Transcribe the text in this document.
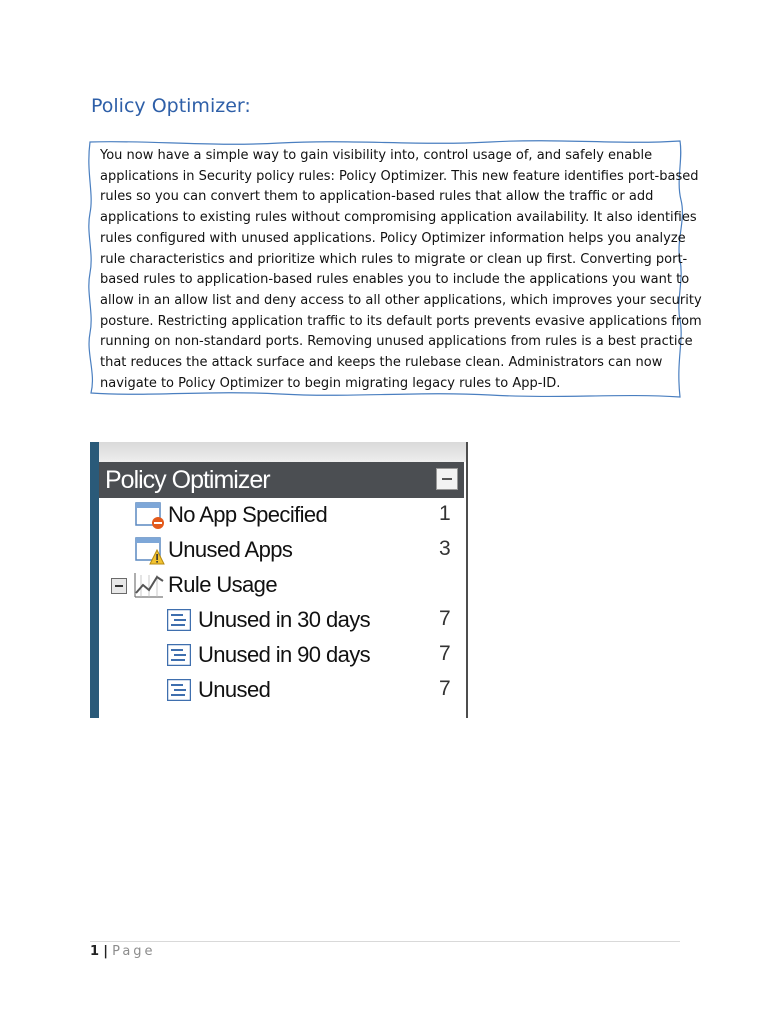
Policy Optimizer:
You now have a simple way to gain visibility into, control usage of, and safely enable
applications in Security policy rules: Policy Optimizer. This new feature identifies port-based
rules so you can convert them to application-based rules that allow the traffic or add
applications to existing rules without compromising application availability. It also identifies
rules configured with unused applications. Policy Optimizer information helps you analyze
rule characteristics and prioritize which rules to migrate or clean up first. Converting port-
based rules to application-based rules enables you to include the applications you want to
allow in an allow list and deny access to all other applications, which improves your security
posture. Restricting application traffic to its default ports prevents evasive applications from
running on non-standard ports. Removing unused applications from rules is a best practice
that reduces the attack surface and keeps the rulebase clean. Administrators can now
navigate to Policy Optimizer to begin migrating legacy rules to App-ID.
Policy Optimizer
No App Specified	1
Unused Apps	3
Rule Usage
Unused in 30 days	7
Unused in 90 days	7
Unused	7
1 | Page
